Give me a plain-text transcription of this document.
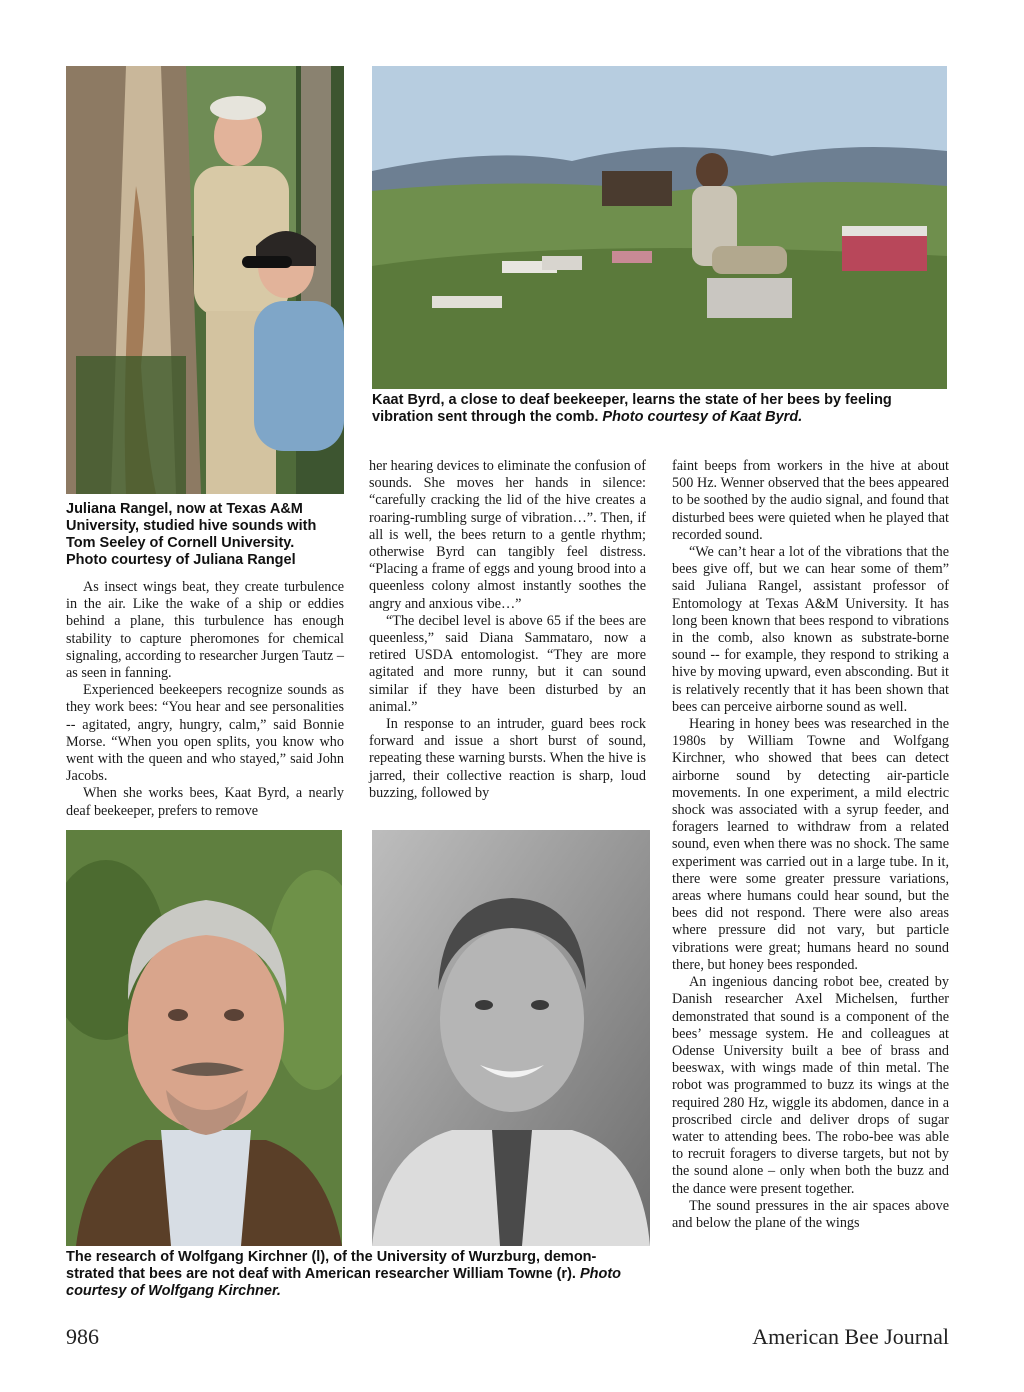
Kaat Byrd, a close to deaf beekeeper, learns the state of her bees by feeling
vibration sent through the comb. Photo courtesy of Kaat Byrd.
Juliana Rangel, now at Texas A&M
University, studied hive sounds with
Tom Seeley of Cornell University.
Photo courtesy of Juliana Rangel

As insect wings beat, they create turbulence in the air. Like the wake of a ship or eddies behind a plane, this turbulence has enough stability to capture pheromones for chemical signaling, according to researcher Jurgen Tautz – as seen in fanning.

Experienced beekeepers recognize sounds as they work bees: “You hear and see personalities -- agitated, angry, hungry, calm,” said Bonnie Morse. “When you open splits, you know who went with the queen and who stayed,” said John Jacobs.

When she works bees, Kaat Byrd, a nearly deaf beekeeper, prefers to remove

her hearing devices to eliminate the confusion of sounds. She moves her hands in silence: “carefully cracking the lid of the hive creates a roaring-rumbling surge of vibration…”. Then, if all is well, the bees return to a gentle rhythm; otherwise Byrd can tangibly feel distress. “Placing a frame of eggs and young brood into a queenless colony almost instantly soothes the angry and anxious vibe…”

“The decibel level is above 65 if the bees are queenless,” said Diana Sammataro, now a retired USDA entomologist. “They are more agitated and more runny, but it can sound similar if they have been disturbed by an animal.”

In response to an intruder, guard bees rock forward and issue a short burst of sound, repeating these warning bursts. When the hive is jarred, their collective reaction is sharp, loud buzzing, followed by

faint beeps from workers in the hive at about 500 Hz. Wenner observed that the bees appeared to be soothed by the audio signal, and found that disturbed bees were quieted when he played that recorded sound.

“We can’t hear a lot of the vibrations that the bees give off, but we can hear some of them” said Juliana Rangel, assistant professor of Entomology at Texas A&M University. It has long been known that bees respond to vibrations in the comb, also known as substrate-borne sound -- for example, they respond to striking a hive by moving upward, even absconding. But it is relatively recently that it has been shown that bees can perceive airborne sound as well.

Hearing in honey bees was researched in the 1980s by William Towne and Wolfgang Kirchner, who showed that bees can detect airborne sound by detecting air-particle movements. In one experiment, a mild electric shock was associated with a syrup feeder, and foragers learned to withdraw from a related sound, even when there was no shock. The same experiment was carried out in a large tube. In it, there were some greater pressure variations, areas where humans could hear sound, but the bees did not respond. There were also areas where pressure did not vary, but particle vibrations were great; humans heard no sound there, but honey bees responded.

An ingenious dancing robot bee, created by Danish researcher Axel Michelsen, further demonstrated that sound is a component of the bees’ message system. He and colleagues at Odense University built a bee of brass and beeswax, with wings made of thin metal. The robot was programmed to buzz its wings at the required 280 Hz, wiggle its abdomen, dance in a proscribed circle and deliver drops of sugar water to attending bees. The robo-bee was able to recruit foragers to diverse targets, but not by the sound alone – only when both the buzz and the dance were present together.

The sound pressures in the air spaces above and below the plane of the wings

The research of Wolfgang Kirchner (l), of the University of Wurzburg, demon-
strated that bees are not deaf with American researcher William Towne (r). Photo
courtesy of Wolfgang Kirchner.
986	American Bee Journal
